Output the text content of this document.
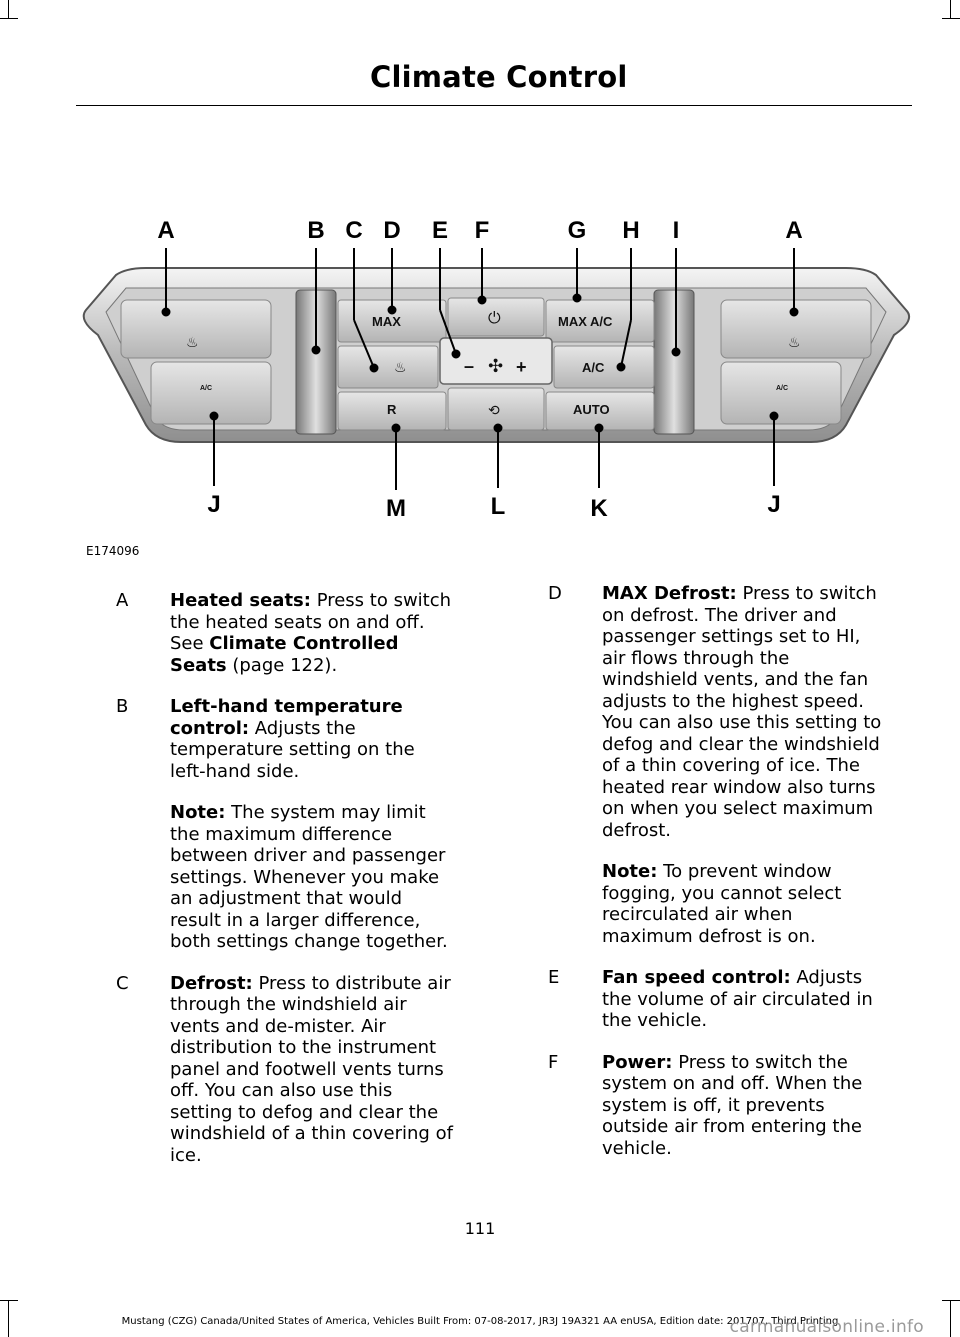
Climate Control
MAX	MAX A/C
A/C
AUTO
R
– ✣ +
⏻
♨
⟲
♨	♨
A/C	A/C
A	B C D E F	G H I	A
J	M	L	K	J
E174096
A Heated seats: Press to switch the heated seats on and off. See Climate Controlled Seats (page 122).
B Left-hand temperature control: Adjusts the temperature setting on the left-hand side.
Note: The system may limit the maximum difference between driver and passenger settings. Whenever you make an adjustment that would result in a larger difference, both settings change together.
C Defrost: Press to distribute air through the windshield air vents and de-mister. Air distribution to the instrument panel and footwell vents turns off. You can also use this setting to defog and clear the windshield of a thin covering of ice.
D MAX Defrost: Press to switch on defrost. The driver and passenger settings set to HI, air flows through the windshield vents, and the fan adjusts to the highest speed. You can also use this setting to defog and clear the windshield of a thin covering of ice. The heated rear window also turns on when you select maximum defrost.
Note: To prevent window fogging, you cannot select recirculated air when maximum defrost is on.
E Fan speed control: Adjusts the volume of air circulated in the vehicle.
F Power: Press to switch the system on and off. When the system is off, it prevents outside air from entering the vehicle.
111
Mustang (CZG) Canada/United States of America, Vehicles Built From: 07-08-2017, JR3J 19A321 AA enUSA, Edition date: 201707, Third Printing
carmanualsonline.info
